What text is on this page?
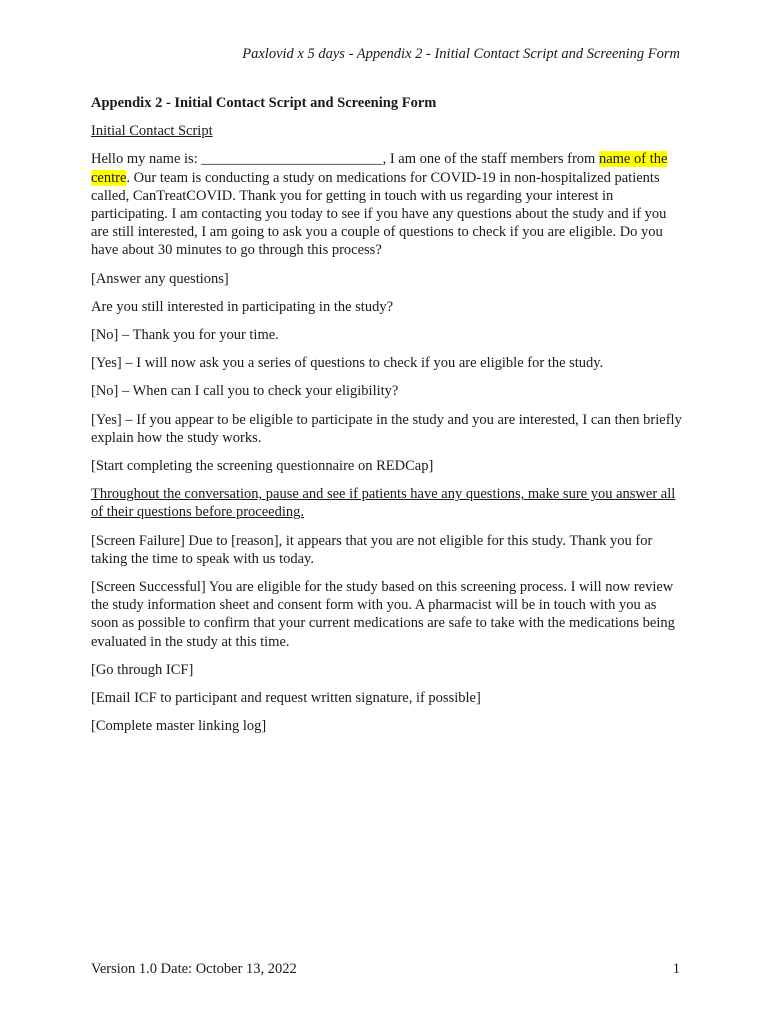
Paxlovid x 5 days - Appendix 2 - Initial Contact Script and Screening Form
Appendix 2 - Initial Contact Script and Screening Form
Initial Contact Script

Hello my name is: _________________________, I am one of the staff members from name of the centre. Our team is conducting a study on medications for COVID-19 in non-hospitalized patients called, CanTreatCOVID. Thank you for getting in touch with us regarding your interest in participating. I am contacting you today to see if you have any questions about the study and if you are still interested, I am going to ask you a couple of questions to check if you are eligible. Do you have about 30 minutes to go through this process?

[Answer any questions]

Are you still interested in participating in the study?

[No] – Thank you for your time.

[Yes] – I will now ask you a series of questions to check if you are eligible for the study.

[No] – When can I call you to check your eligibility?

[Yes] – If you appear to be eligible to participate in the study and you are interested, I can then briefly explain how the study works.

[Start completing the screening questionnaire on REDCap]

Throughout the conversation, pause and see if patients have any questions, make sure you answer all of their questions before proceeding.

[Screen Failure] Due to [reason], it appears that you are not eligible for this study. Thank you for taking the time to speak with us today.

[Screen Successful] You are eligible for the study based on this screening process. I will now review the study information sheet and consent form with you. A pharmacist will be in touch with you as soon as possible to confirm that your current medications are safe to take with the medications being evaluated in the study at this time.

[Go through ICF]

[Email ICF to participant and request written signature, if possible]

[Complete master linking log]

Version 1.0 Date: October 13, 2022	1
